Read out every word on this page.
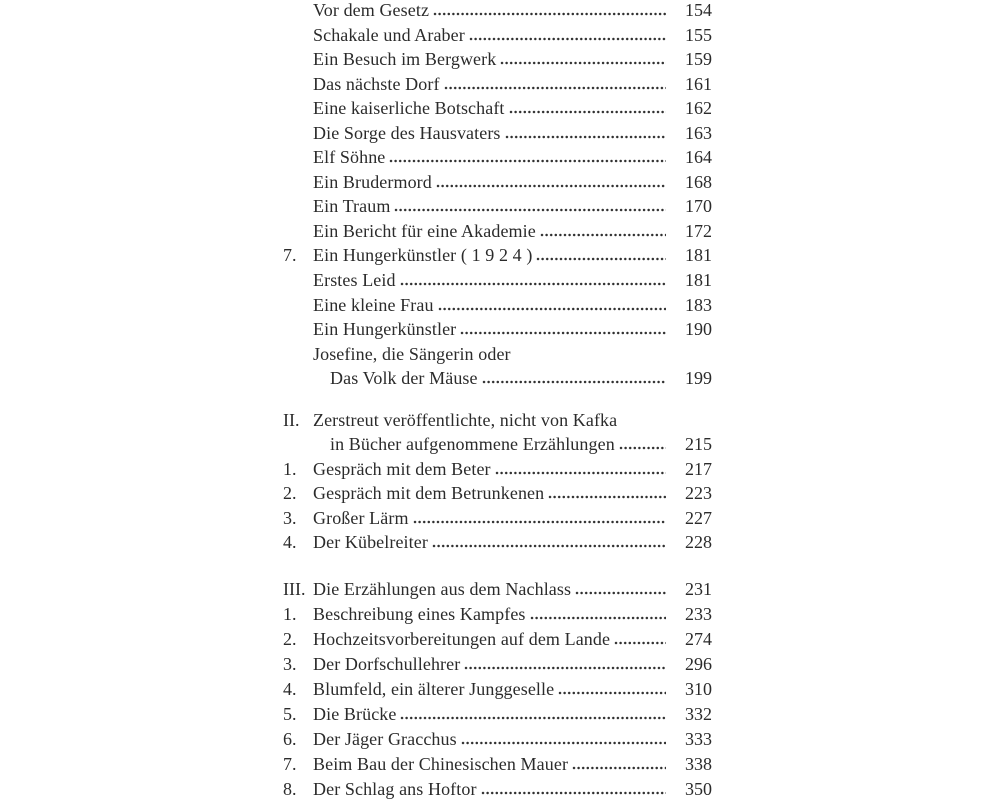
Vor dem Gesetz	154
Schakale und Araber	155
Ein Besuch im Bergwerk	159
Das nächste Dorf	161
Eine kaiserliche Botschaft	162
Die Sorge des Hausvaters	163
Elf Söhne	164
Ein Brudermord	168
Ein Traum	170
Ein Bericht für eine Akademie	172
7. Ein Hungerkünstler ( 1 9 2 4 )	181
Erstes Leid	181
Eine kleine Frau	183
Ein Hungerkünstler	190
Josefine, die Sängerin oder
Das Volk der Mäuse	199
II. Zerstreut veröffentlichte, nicht von Kafka
in Bücher aufgenommene Erzählungen	215
1. Gespräch mit dem Beter	217
2. Gespräch mit dem Betrunkenen	223
3. Großer Lärm	227
4. Der Kübelreiter	228
III. Die Erzählungen aus dem Nachlass	231
1. Beschreibung eines Kampfes	233
2. Hochzeitsvorbereitungen auf dem Lande	274
3. Der Dorfschullehrer	296
4. Blumfeld, ein älterer Junggeselle	310
5. Die Brücke	332
6. Der Jäger Gracchus	333
7. Beim Bau der Chinesischen Mauer	338
8. Der Schlag ans Hoftor	350
